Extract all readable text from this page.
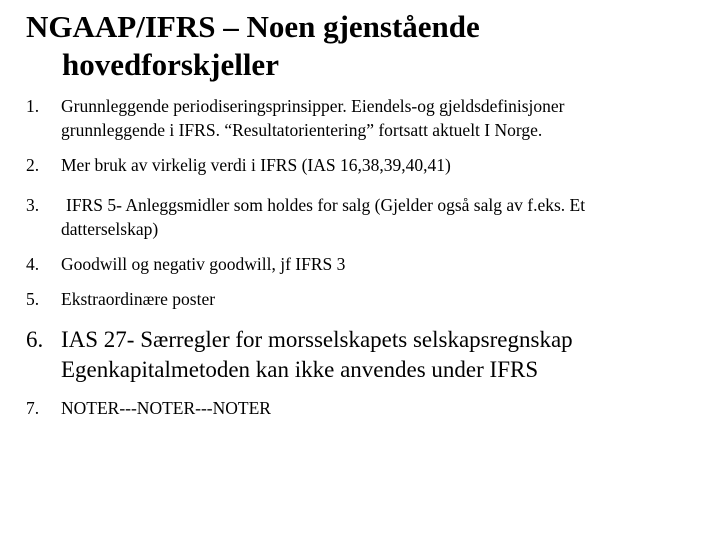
NGAAP/IFRS – Noen gjenstående
hovedforskjeller
1. Grunnleggende periodiseringsprinsipper. Eiendels-og gjeldsdefinisjoner
grunnleggende i IFRS. “Resultatorientering” fortsatt aktuelt I Norge.
2. Mer bruk av virkelig verdi i IFRS (IAS 16,38,39,40,41)
3. IFRS 5- Anleggsmidler som holdes for salg (Gjelder også salg av f.eks. Et
datterselskap)
4. Goodwill og negativ goodwill, jf IFRS 3
5. Ekstraordinære poster
6. IAS 27- Særregler for morsselskapets selskapsregnskap
Egenkapitalmetoden kan ikke anvendes under IFRS
7. NOTER---NOTER---NOTER
